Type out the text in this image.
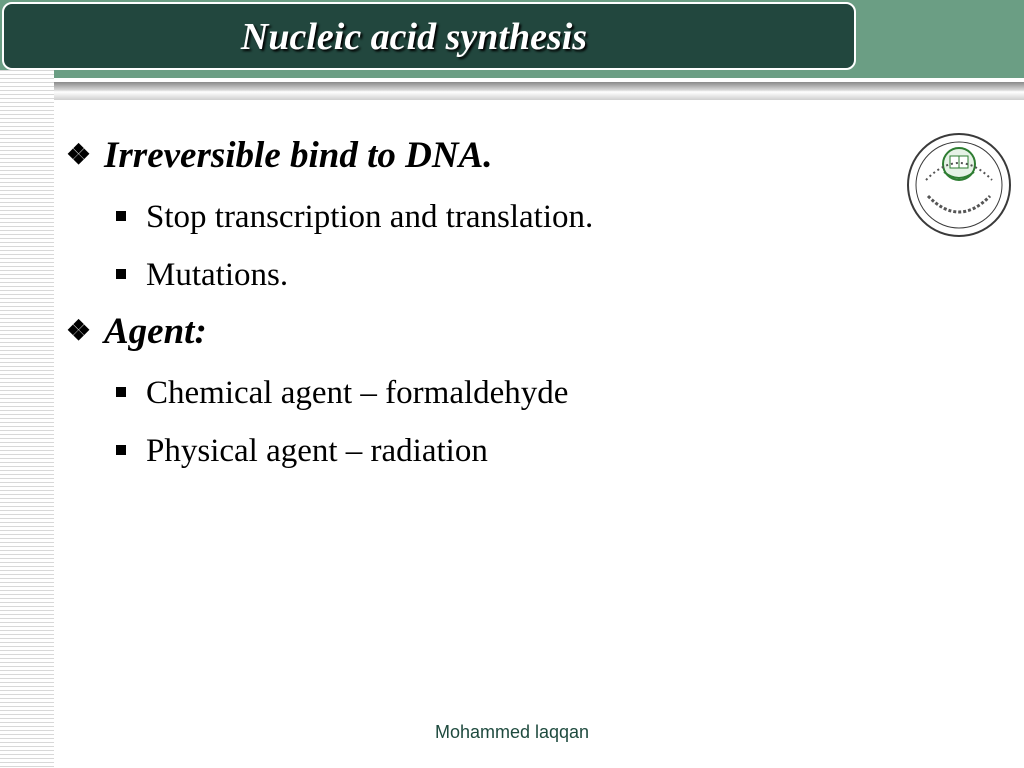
Nucleic acid synthesis
❖ Irreversible bind to DNA.
Stop transcription and translation.
Mutations.
❖ Agent:
Chemical agent – formaldehyde
Physical agent – radiation
Mohammed laqqan
